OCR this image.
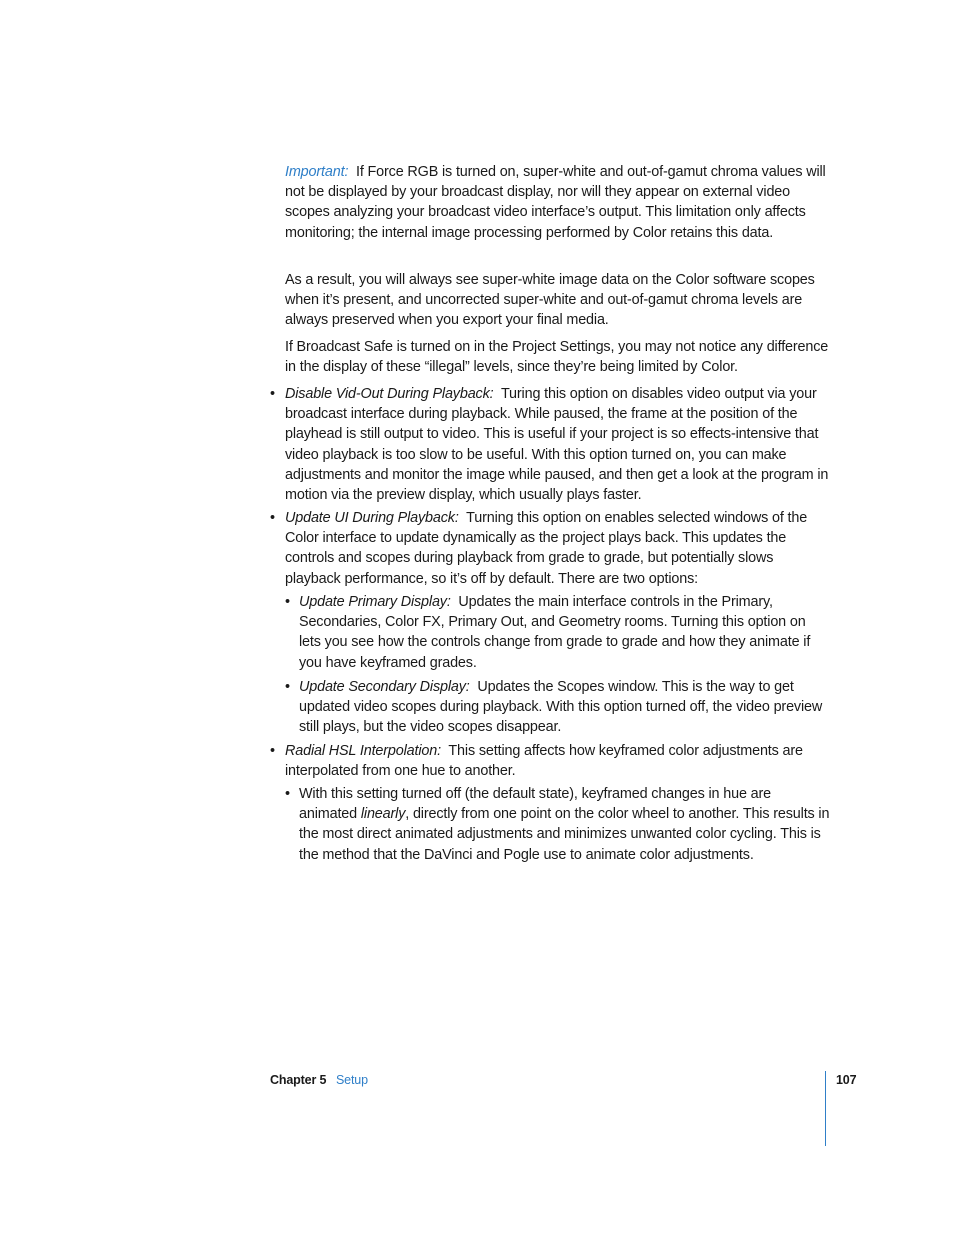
Important: If Force RGB is turned on, super-white and out-of-gamut chroma values will not be displayed by your broadcast display, nor will they appear on external video scopes analyzing your broadcast video interface’s output. This limitation only affects monitoring; the internal image processing performed by Color retains this data.

As a result, you will always see super-white image data on the Color software scopes when it’s present, and uncorrected super-white and out-of-gamut chroma levels are always preserved when you export your final media.

If Broadcast Safe is turned on in the Project Settings, you may not notice any difference in the display of these “illegal” levels, since they’re being limited by Color.

• Disable Vid-Out During Playback: Turing this option on disables video output via your broadcast interface during playback. While paused, the frame at the position of the playhead is still output to video. This is useful if your project is so effects-intensive that video playback is too slow to be useful. With this option turned on, you can make adjustments and monitor the image while paused, and then get a look at the program in motion via the preview display, which usually plays faster.

• Update UI During Playback: Turning this option on enables selected windows of the Color interface to update dynamically as the project plays back. This updates the controls and scopes during playback from grade to grade, but potentially slows playback performance, so it’s off by default. There are two options:

• Update Primary Display: Updates the main interface controls in the Primary, Secondaries, Color FX, Primary Out, and Geometry rooms. Turning this option on lets you see how the controls change from grade to grade and how they animate if you have keyframed grades.

• Update Secondary Display: Updates the Scopes window. This is the way to get updated video scopes during playback. With this option turned off, the video preview still plays, but the video scopes disappear.

• Radial HSL Interpolation: This setting affects how keyframed color adjustments are interpolated from one hue to another.

• With this setting turned off (the default state), keyframed changes in hue are animated linearly, directly from one point on the color wheel to another. This results in the most direct animated adjustments and minimizes unwanted color cycling. This is the method that the DaVinci and Pogle use to animate color adjustments.

Chapter 5 Setup	107
